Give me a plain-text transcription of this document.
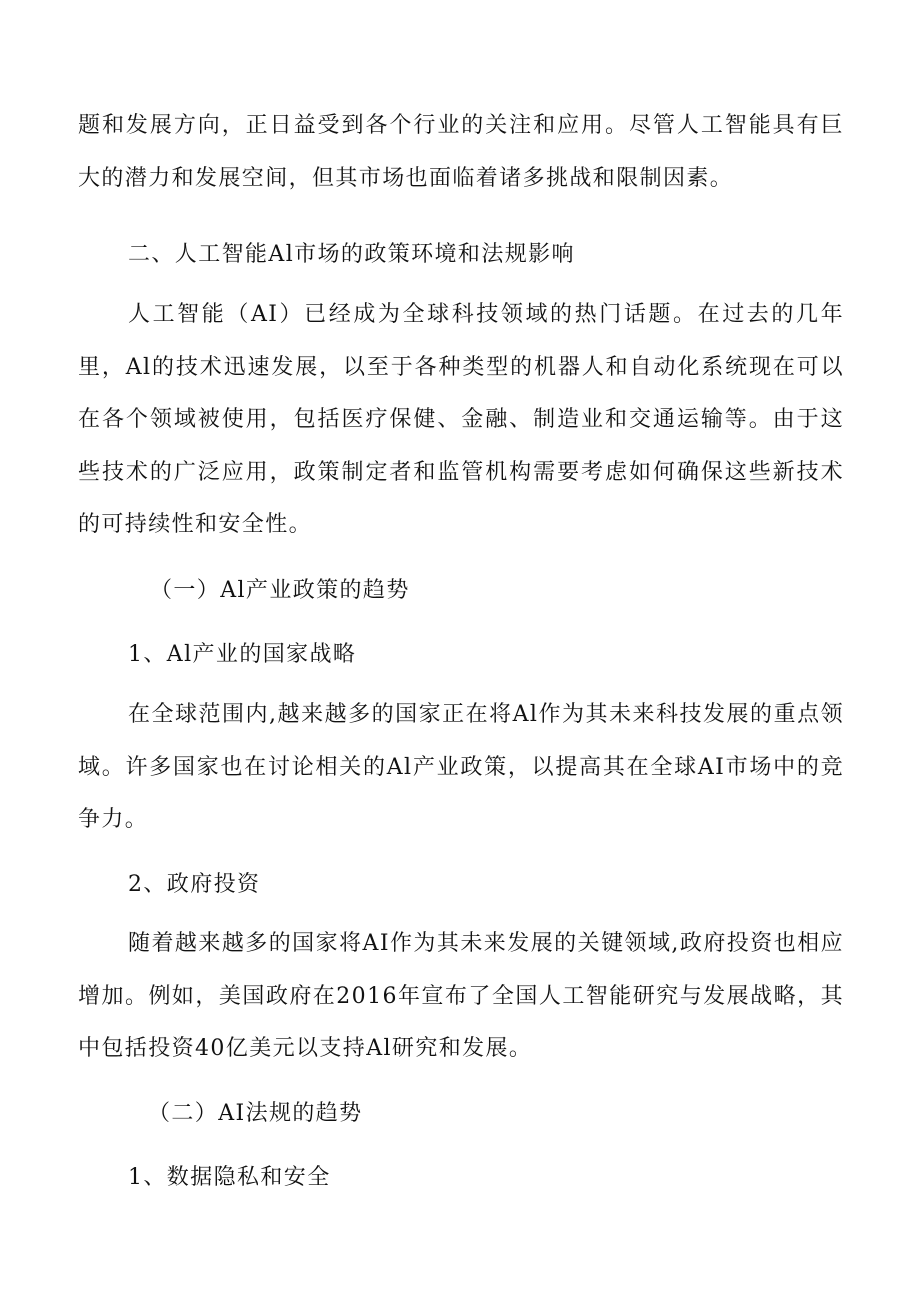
题和发展方向，正日益受到各个行业的关注和应用。尽管人工智能具有巨大的潜力和发展空间，但其市场也面临着诸多挑战和限制因素。

二、人工智能Al市场的政策环境和法规影响

人工智能（AI）已经成为全球科技领域的热门话题。在过去的几年里，Al的技术迅速发展，以至于各种类型的机器人和自动化系统现在可以在各个领域被使用，包括医疗保健、金融、制造业和交通运输等。由于这些技术的广泛应用，政策制定者和监管机构需要考虑如何确保这些新技术的可持续性和安全性。

（一）Al产业政策的趋势
1、Al产业的国家战略

在全球范围内,越来越多的国家正在将Al作为其未来科技发展的重点领域。许多国家也在讨论相关的Al产业政策，以提高其在全球AI市场中的竞争力。

2、政府投资

随着越来越多的国家将AI作为其未来发展的关键领域,政府投资也相应增加。例如，美国政府在2016年宣布了全国人工智能研究与发展战略，其中包括投资40亿美元以支持Al研究和发展。

（二）AI法规的趋势
1、数据隐私和安全
